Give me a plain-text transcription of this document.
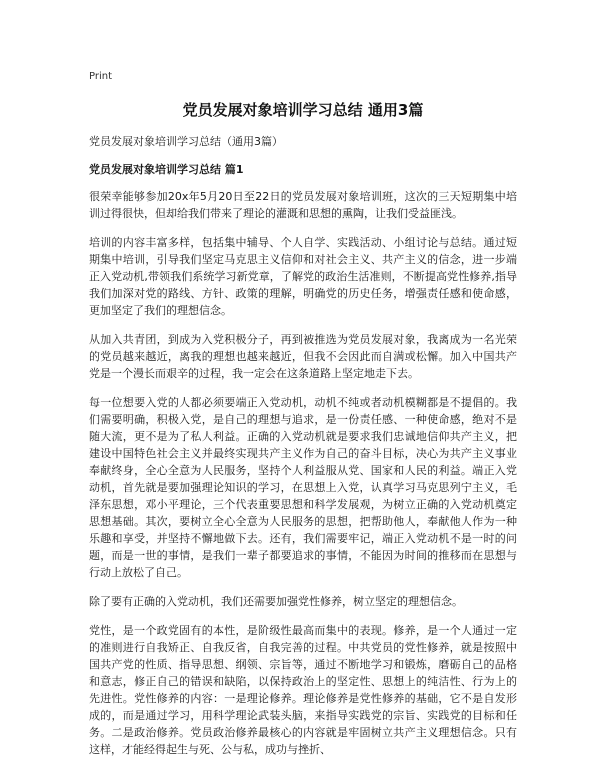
Print
党员发展对象培训学习总结 通用3篇
党员发展对象培训学习总结（通用3篇）
党员发展对象培训学习总结 篇1

很荣幸能够参加20x年5月20日至22日的党员发展对象培训班，这次的三天短期集中培训过得很快，但却给我们带来了理论的灌溉和思想的熏陶，让我们受益匪浅。

培训的内容丰富多样，包括集中辅导、个人自学、实践活动、小组讨论与总结。通过短期集中培训，引导我们坚定马克思主义信仰和对社会主义、共产主义的信念，进一步端正入党动机,带领我们系统学习新党章，了解党的政治生活准则，不断提高党性修养,指导我们加深对党的路线、方针、政策的理解，明确党的历史任务，增强责任感和使命感，更加坚定了我们的理想信念。

从加入共青团，到成为入党积极分子，再到被推选为党员发展对象，我离成为一名光荣的党员越来越近，离我的理想也越来越近，但我不会因此而自满或松懈。加入中国共产党是一个漫长而艰辛的过程，我一定会在这条道路上坚定地走下去。

每一位想要入党的人都必须要端正入党动机，动机不纯或者动机模糊都是不提倡的。我们需要明确，积极入党，是自己的理想与追求，是一份责任感、一种使命感，绝对不是随大流，更不是为了私人利益。正确的入党动机就是要求我们忠诚地信仰共产主义，把建设中国特色社会主义并最终实现共产主义作为自己的奋斗目标，决心为共产主义事业奉献终身，全心全意为人民服务，坚持个人利益服从党、国家和人民的利益。端正入党动机，首先就是要加强理论知识的学习，在思想上入党，认真学习马克思列宁主义，毛泽东思想，邓小平理论，三个代表重要思想和科学发展观，为树立正确的入党动机奠定思想基础。其次，要树立全心全意为人民服务的思想，把帮助他人，奉献他人作为一种乐趣和享受，并坚持不懈地做下去。还有，我们需要牢记，端正入党动机不是一时的问题，而是一世的事情，是我们一辈子都要追求的事情，不能因为时间的推移而在思想与行动上放松了自己。

除了要有正确的入党动机，我们还需要加强党性修养，树立坚定的理想信念。

党性，是一个政党固有的本性，是阶级性最高而集中的表现。修养，是一个人通过一定的准则进行自我矫正、自我反省，自我完善的过程。中共党员的党性修养，就是按照中国共产党的性质、指导思想、纲领、宗旨等，通过不断地学习和锻炼，磨砺自己的品格和意志，修正自己的错误和缺陷，以保持政治上的坚定性、思想上的纯洁性、行为上的先进性。党性修养的内容：一是理论修养。理论修养是党性修养的基础，它不是自发形成的，而是通过学习，用科学理论武装头脑，来指导实践党的宗旨、实践党的目标和任务。二是政治修养。党员政治修养最核心的内容就是牢固树立共产主义理想信念。只有这样，才能经得起生与死、公与私，成功与挫折、
